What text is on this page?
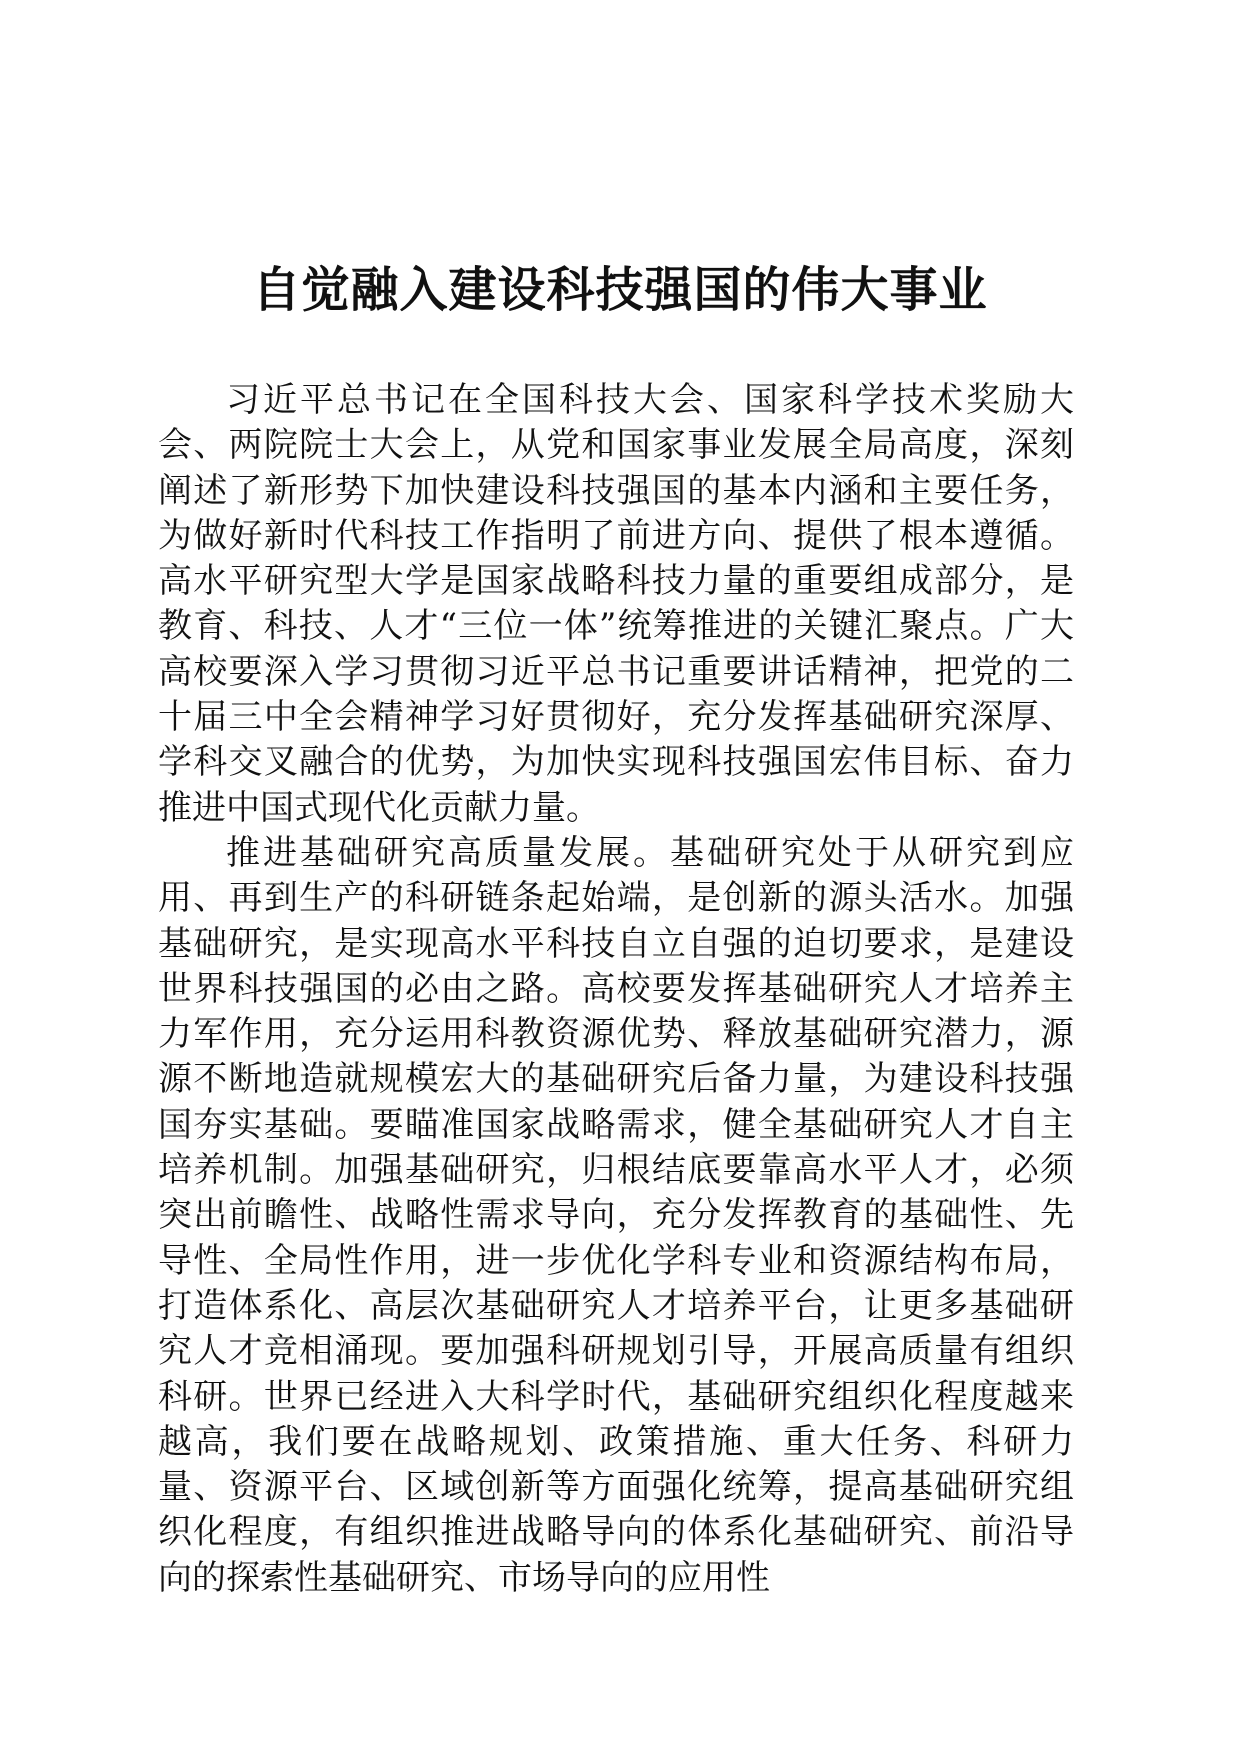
自觉融入建设科技强国的伟大事业

习近平总书记在全国科技大会、国家科学技术奖励大会、两院院士大会上，从党和国家事业发展全局高度，深刻阐述了新形势下加快建设科技强国的基本内涵和主要任务，为做好新时代科技工作指明了前进方向、提供了根本遵循。高水平研究型大学是国家战略科技力量的重要组成部分，是教育、科技、人才“三位一体”统筹推进的关键汇聚点。广大高校要深入学习贯彻习近平总书记重要讲话精神，把党的二十届三中全会精神学习好贯彻好，充分发挥基础研究深厚、学科交叉融合的优势，为加快实现科技强国宏伟目标、奋力推进中国式现代化贡献力量。

推进基础研究高质量发展。基础研究处于从研究到应用、再到生产的科研链条起始端，是创新的源头活水。加强基础研究，是实现高水平科技自立自强的迫切要求，是建设世界科技强国的必由之路。高校要发挥基础研究人才培养主力军作用，充分运用科教资源优势、释放基础研究潜力，源源不断地造就规模宏大的基础研究后备力量，为建设科技强国夯实基础。要瞄准国家战略需求，健全基础研究人才自主培养机制。加强基础研究，归根结底要靠高水平人才，必须突出前瞻性、战略性需求导向，充分发挥教育的基础性、先导性、全局性作用，进一步优化学科专业和资源结构布局，打造体系化、高层次基础研究人才培养平台，让更多基础研究人才竞相涌现。要加强科研规划引导，开展高质量有组织科研。世界已经进入大科学时代，基础研究组织化程度越来越高，我们要在战略规划、政策措施、重大任务、科研力量、资源平台、区域创新等方面强化统筹，提高基础研究组织化程度，有组织推进战略导向的体系化基础研究、前沿导向的探索性基础研究、市场导向的应用性
